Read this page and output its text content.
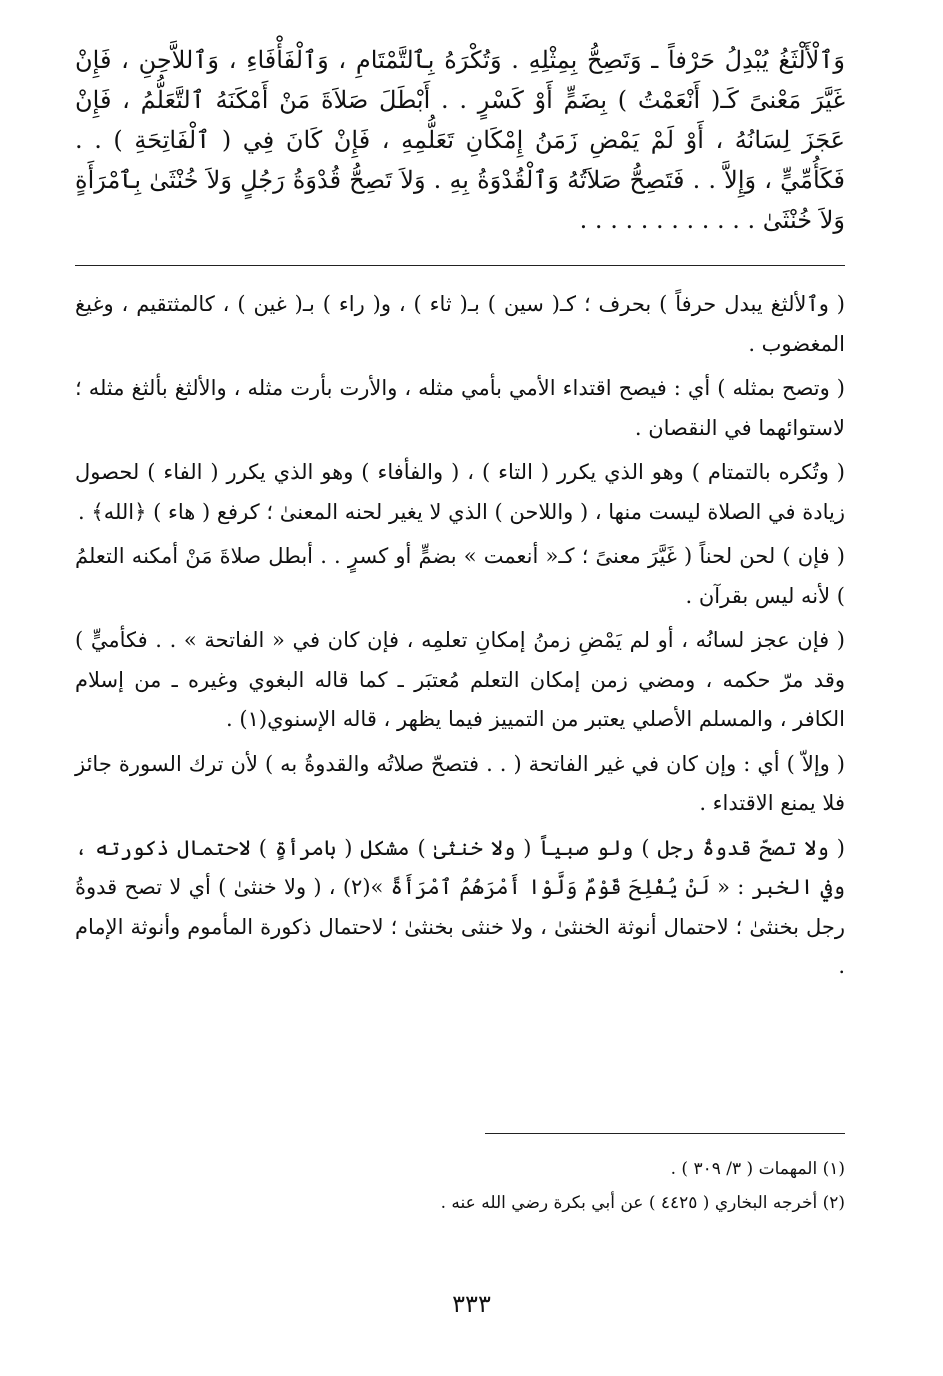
وَٱلْأَلْثَغُ يُبْدِلُ حَرْفاً ـ وَتَصِحُّ بِمِثْلِهِ . وَتُكْرَهُ بِٱلتَّمْتَامِ ، وَٱلْفَأْفَاءِ ، وَٱللاَّحِنِ ، فَإِنْ غَيَّرَ مَعْنىً كَـ( أَنْعَمْتُ ) بِضَمٍّ أَوْ كَسْرٍ . . أَبْطَلَ صَلاَةَ مَنْ أَمْكَنَهُ ٱلتَّعَلُّمُ ، فَإِنْ عَجَزَ لِسَانُهُ ، أَوْ لَمْ يَمْضِ زَمَنُ إِمْكَانِ تَعَلُّمِهِ ، فَإِنْ كَانَ فِي ( ٱلْفَاتِحَةِ ) . . فَكَأُمِّيٍّ ، وَإِلاَّ . . فَتَصِحُّ صَلاَتُهُ وَٱلْقُدْوَةُ بِهِ . وَلاَ تَصِحُّ قُدْوَةُ رَجُلٍ وَلاَ خُنْثَىٰ بِٱمْرَأَةٍ وَلاَ خُنْثَىٰ . . . . . . . . . . . .

( وٱلألثغ يبدل حرفاً ) بحرف ؛ كـ( سين ) بـ( ثاء ) ، و( راء ) بـ( غين ) ، كالمثتقيم ، وغيغ المغضوب .

( وتصح بمثله ) أي : فيصح اقتداء الأمي بأمي مثله ، والأرت بأرت مثله ، والألثغ بألثغ مثله ؛ لاستوائهما في النقصان .

( وتُكره بالتمتام ) وهو الذي يكرر ( التاء ) ، ( والفأفاء ) وهو الذي يكرر ( الفاء ) لحصول زيادة في الصلاة ليست منها ، ( واللاحن ) الذي لا يغير لحنه المعنىٰ ؛ كرفع ( هاء ) ﴿الله﴾ .

( فإن ) لحن لحناً ( غَيَّرَ معنىً ؛ كـ« أنعمت » بضمٍّ أو كسرٍ . . أبطل صلاةَ مَنْ أمكنه التعلمُ ) لأنه ليس بقرآن .

( فإن عجز لسانُه ، أو لم يَمْضِ زمنُ إمكانِ تعلمِه ، فإن كان في « الفاتحة » . . فكأميٍّ ) وقد مرّ حكمه ، ومضي زمن إمكان التعلم مُعتبَر ـ كما قاله البغوي وغيره ـ من إسلام الكافر ، والمسلم الأصلي يعتبر من التمييز فيما يظهر ، قاله الإسنوي(١) .

( وإلاّ ) أي : وإن كان في غير الفاتحة ( . . فتصحّ صلاتُه والقدوةُ به ) لأن ترك السورة جائز فلا يمنع الاقتداء .

( ولا تصحّ قدوةُ رجل ) ولو صبياً ( ولا خنثىٰ ) مشكل ( بامرأةٍ ) لاحتمال ذكورته ، وفي الخبر : « لَنْ يُفْلِحَ قَوْمٌ وَلَّوْا أَمْرَهُمُ ٱمْرَأَةً »(٢) ، ( ولا خنثىٰ ) أي لا تصح قدوةُ رجل بخنثىٰ ؛ لاحتمال أنوثة الخنثىٰ ، ولا خنثى بخنثىٰ ؛ لاحتمال ذكورة المأموم وأنوثة الإمام .

(١) المهمات ( ٣/ ٣٠٩ ) .

(٢) أخرجه البخاري ( ٤٤٢٥ ) عن أبي بكرة رضي الله عنه .

٣٣٣
